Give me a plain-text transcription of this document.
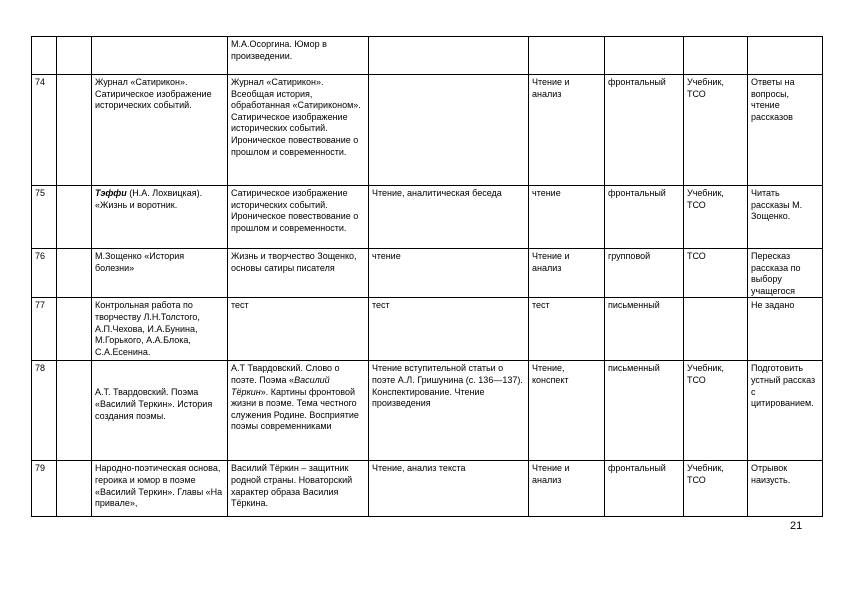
			М.А.Осоргина. Юмор в произведении.					
74		Журнал «Сатирикон». Сатирическое изображение исторических событий.	Журнал «Сатирикон». Всеобщая история, обработанная «Сатириконом». Сатирическое изображение исторических событий. Ироническое повествование о прошлом и современности.		Чтение и анализ	фронтальный	Учебник, ТСО	Ответы на вопросы, чтение рассказов
75		Тэффи (Н.А. Лохвицкая). «Жизнь и воротник.	Сатирическое изображение исторических событий. Ироническое повествование о прошлом и современности.	Чтение, аналитическая беседа	чтение	фронтальный	Учебник, ТСО	Читать рассказы М. Зощенко.
76		М.Зощенко «История болезни»	Жизнь и творчество Зощенко, основы сатиры писателя	чтение	Чтение и анализ	групповой	ТСО	Пересказ рассказа по выбору учащегося
77		Контрольная работа по творчеству Л.Н.Толстого, А.П.Чехова, И.А.Бунина, М.Горького, А.А.Блока, С.А.Есенина.	тест	тест	тест	письменный		Не задано
78		А.Т. Твардовский. Поэма «Василий Теркин». История создания поэмы.	А.Т Твардовский. Слово о поэте. Поэма «Василий Тёркин». Картины фронтовой жизни в поэме. Тема честного служения Родине. Восприятие поэмы современниками	Чтение вступительной статьи о поэте А.Л. Гришунина (с. 136—137). Конспектирование. Чтение произведения	Чтение, конспект	письменный	Учебник, ТСО	Подготовить устный рассказ с цитированием.
79		Народно-поэтическая основа, героика и юмор в поэме «Василий Теркин». Главы «На привале»,	Василий Тёркин – защитник родной страны. Новаторский характер образа Василия Тёркина.	Чтение, анализ текста	Чтение и анализ	фронтальный	Учебник, ТСО	Отрывок наизусть.
21
